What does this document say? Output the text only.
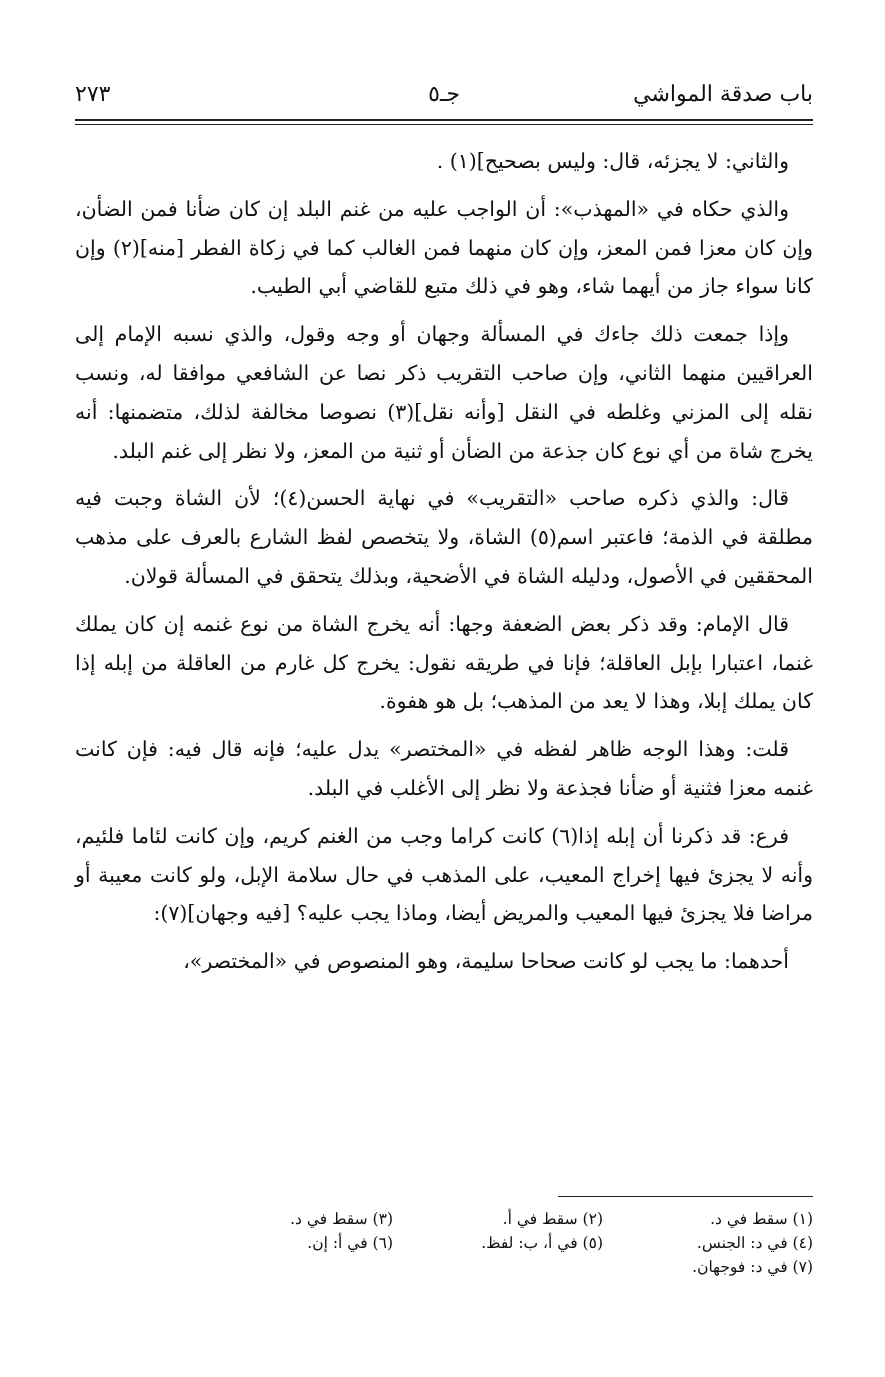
باب صدقة المواشي
جـ٥
٢٧٣

والثاني: لا يجزئه، قال: وليس بصحيح](١) .

والذي حكاه في «المهذب»: أن الواجب عليه من غنم البلد إن كان ضأنا فمن الضأن، وإن كان معزا فمن المعز، وإن كان منهما فمن الغالب كما في زكاة الفطر [منه](٢) وإن كانا سواء جاز من أيهما شاء، وهو في ذلك متبع للقاضي أبي الطيب.

وإذا جمعت ذلك جاءك في المسألة وجهان أو وجه وقول، والذي نسبه الإمام إلى العراقيين منهما الثاني، وإن صاحب التقريب ذكر نصا عن الشافعي موافقا له، ونسب نقله إلى المزني وغلطه في النقل [وأنه نقل](٣) نصوصا مخالفة لذلك، متضمنها: أنه يخرج شاة من أي نوع كان جذعة من الضأن أو ثنية من المعز، ولا نظر إلى غنم البلد.

قال: والذي ذكره صاحب «التقريب» في نهاية الحسن(٤)؛ لأن الشاة وجبت فيه مطلقة في الذمة؛ فاعتبر اسم(٥) الشاة، ولا يتخصص لفظ الشارع بالعرف على مذهب المحققين في الأصول، ودليله الشاة في الأضحية، وبذلك يتحقق في المسألة قولان.

قال الإمام: وقد ذكر بعض الضعفة وجها: أنه يخرج الشاة من نوع غنمه إن كان يملك غنما، اعتبارا بإبل العاقلة؛ فإنا في طريقه نقول: يخرج كل غارم من العاقلة من إبله إذا كان يملك إبلا، وهذا لا يعد من المذهب؛ بل هو هفوة.

قلت: وهذا الوجه ظاهر لفظه في «المختصر» يدل عليه؛ فإنه قال فيه: فإن كانت غنمه معزا فثنية أو ضأنا فجذعة ولا نظر إلى الأغلب في البلد.

فرع: قد ذكرنا أن إبله إذا(٦) كانت كراما وجب من الغنم كريم، وإن كانت لئاما فلئيم، وأنه لا يجزئ فيها إخراج المعيب، على المذهب في حال سلامة الإبل، ولو كانت معيبة أو مراضا فلا يجزئ فيها المعيب والمريض أيضا، وماذا يجب عليه؟ [فيه وجهان](٧):

أحدهما: ما يجب لو كانت صحاحا سليمة، وهو المنصوص في «المختصر»،

(١) سقط في د.
(٢) سقط في أ.
(٣) سقط في د.
(٤) في د: الجنس.
(٥) في أ، ب: لفظ.
(٦) في أ: إن.
(٧) في د: فوجهان.
